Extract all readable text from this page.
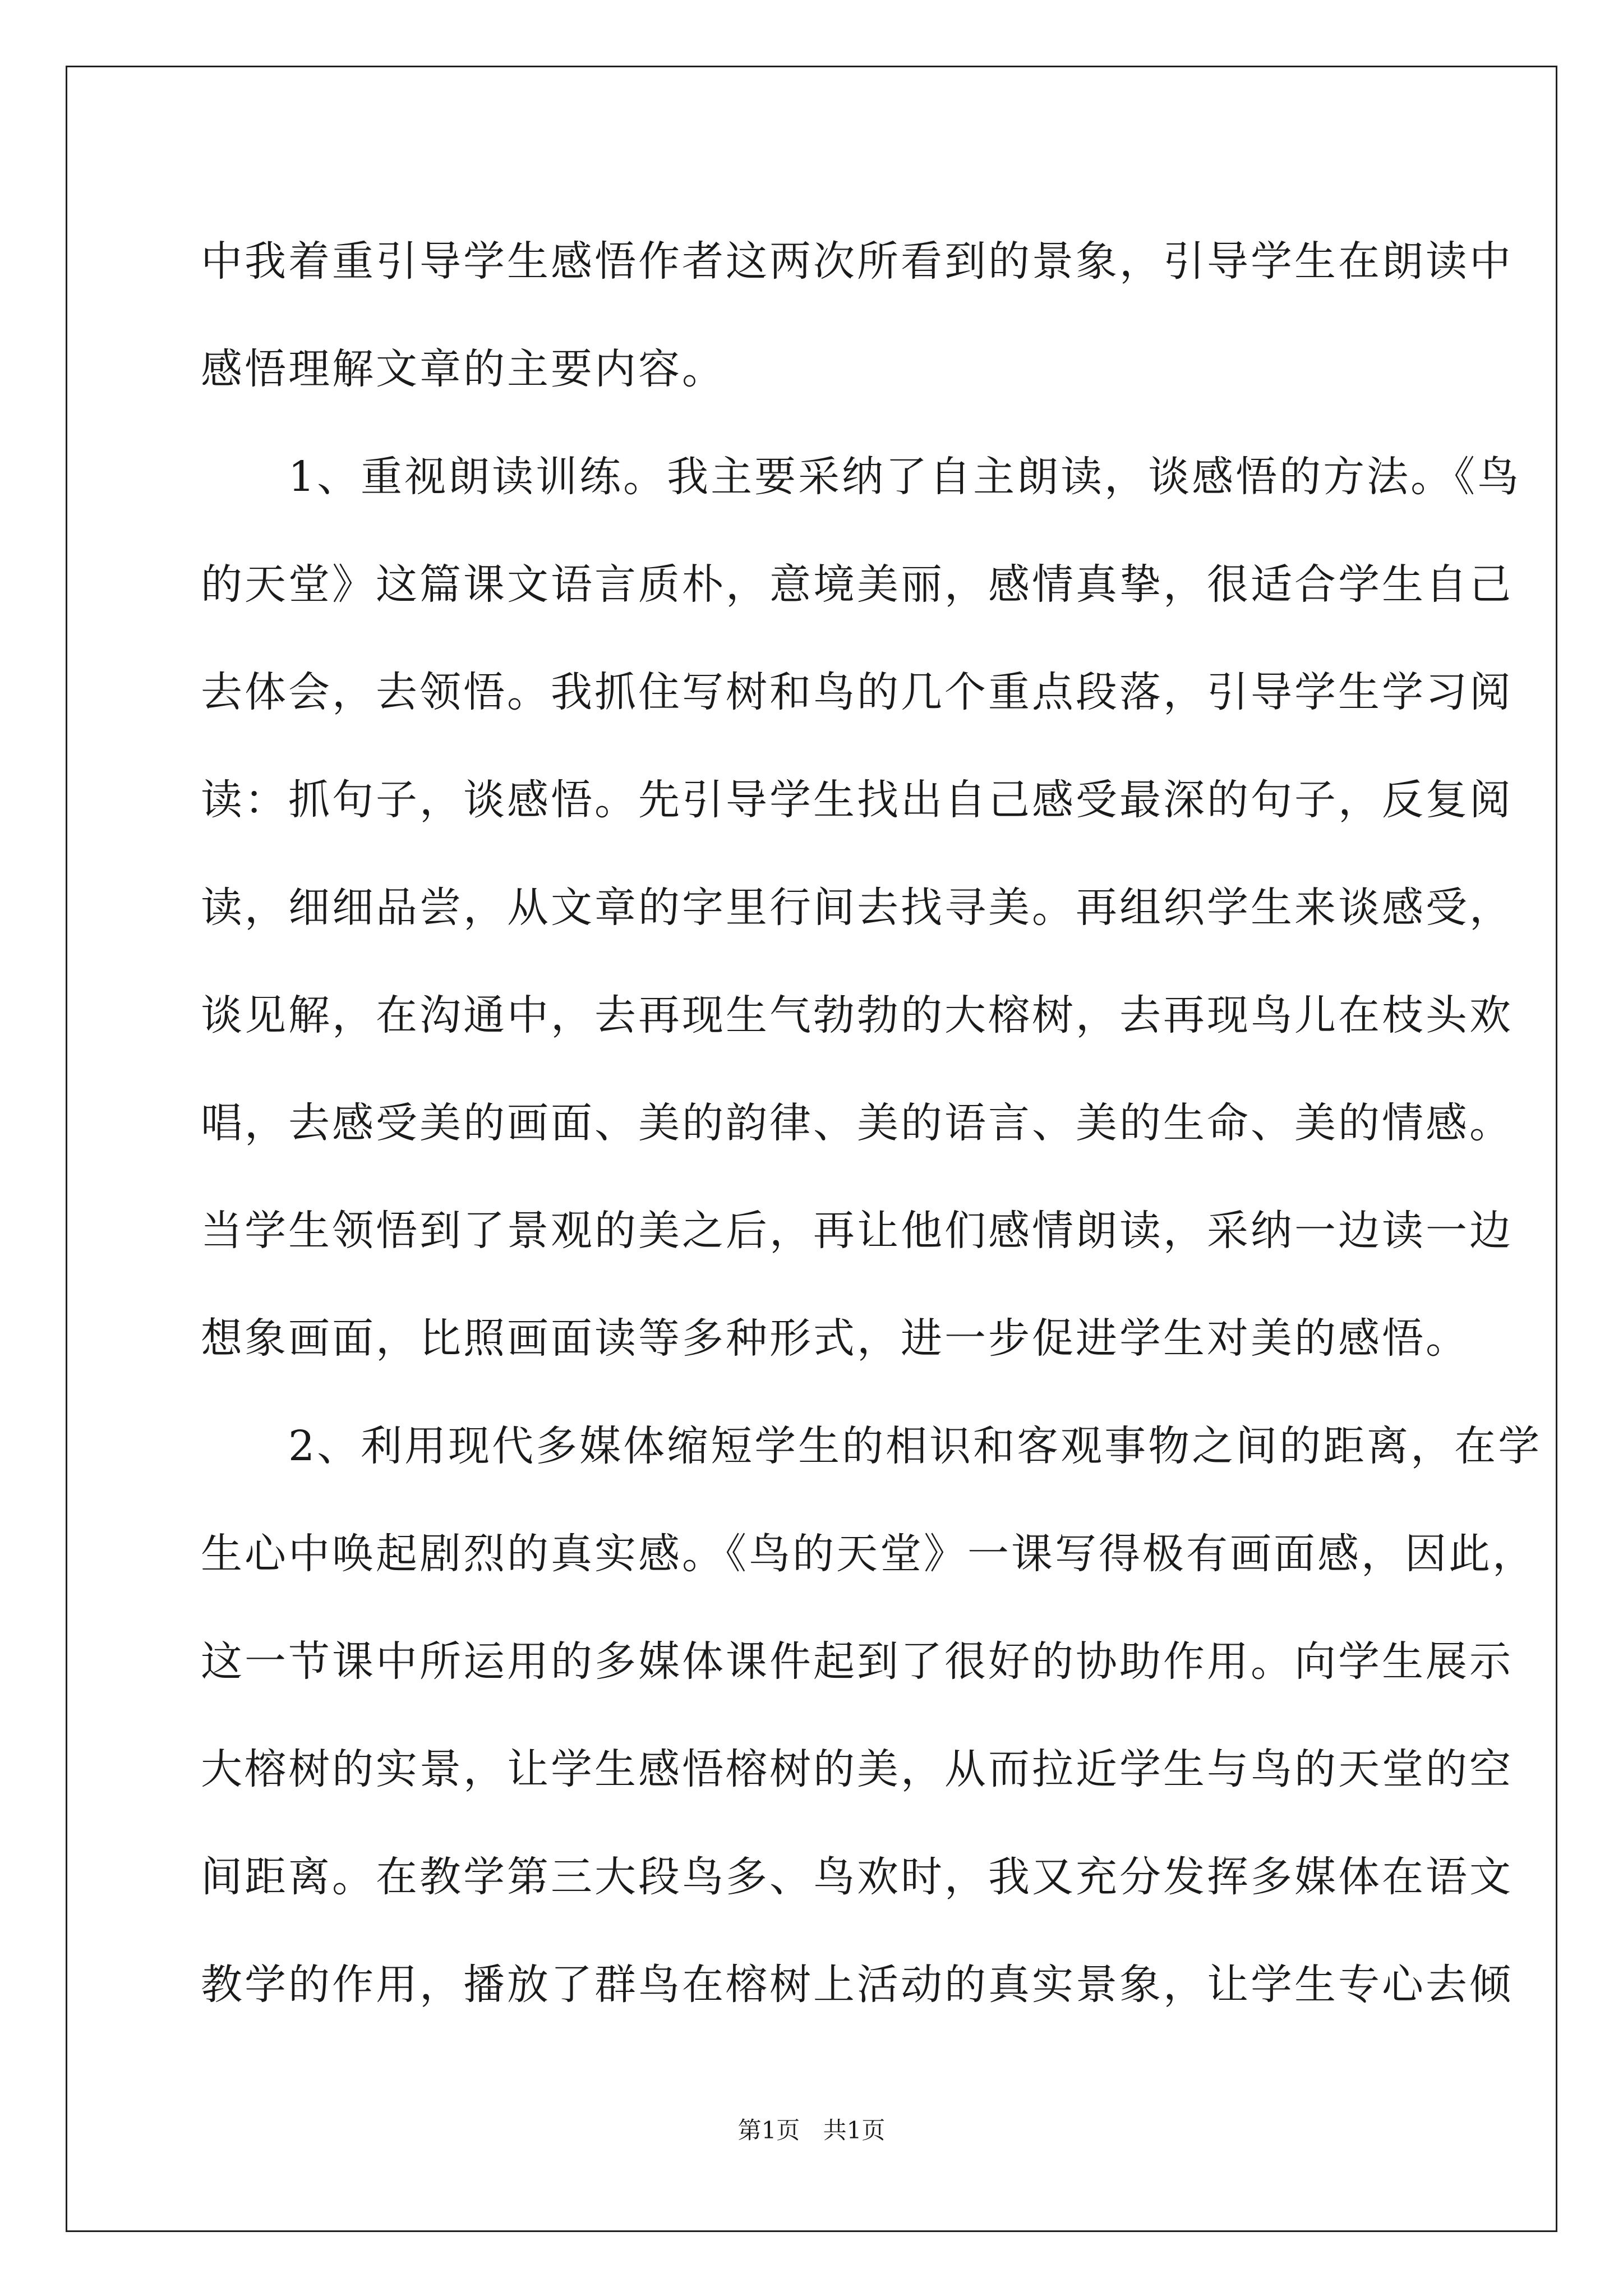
中我着重引导学生感悟作者这两次所看到的景象，引导学生在朗读中
感悟理解文章的主要内容。
　　1、重视朗读训练。我主要采纳了自主朗读，谈感悟的方法。《鸟
的天堂》这篇课文语言质朴，意境美丽，感情真挚，很适合学生自己
去体会，去领悟。我抓住写树和鸟的几个重点段落，引导学生学习阅
读：抓句子，谈感悟。先引导学生找出自己感受最深的句子，反复阅
读，细细品尝，从文章的字里行间去找寻美。再组织学生来谈感受，
谈见解，在沟通中，去再现生气勃勃的大榕树，去再现鸟儿在枝头欢
唱，去感受美的画面、美的韵律、美的语言、美的生命、美的情感。
当学生领悟到了景观的美之后，再让他们感情朗读，采纳一边读一边
想象画面，比照画面读等多种形式，进一步促进学生对美的感悟。
　　2、利用现代多媒体缩短学生的相识和客观事物之间的距离，在学
生心中唤起剧烈的真实感。《鸟的天堂》一课写得极有画面感，因此，
这一节课中所运用的多媒体课件起到了很好的协助作用。向学生展示
大榕树的实景，让学生感悟榕树的美，从而拉近学生与鸟的天堂的空
间距离。在教学第三大段鸟多、鸟欢时，我又充分发挥多媒体在语文
教学的作用，播放了群鸟在榕树上活动的真实景象，让学生专心去倾
第1页 共1页
